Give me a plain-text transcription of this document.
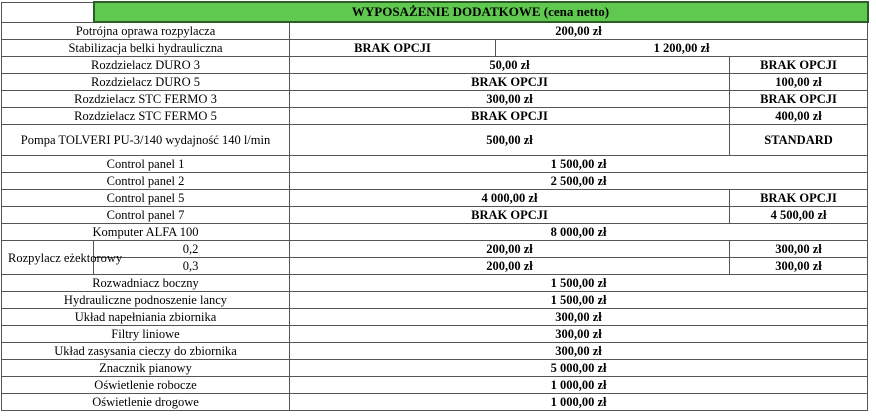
	WYPOSAŻENIE DODATKOWE (cena netto)			
Potrójna oprawa rozpylacza		200,00 zł		
Stabilizacja belki hydrauliczna		BRAK OPCJI	1 200,00 zł	
Rozdzielacz DURO 3		50,00 zł		BRAK OPCJI
Rozdzielacz DURO 5		BRAK OPCJI		100,00 zł
Rozdzielacz STC FERMO 3		300,00 zł		BRAK OPCJI
Rozdzielacz STC FERMO 5		BRAK OPCJI		400,00 zł
Pompa TOLVERI PU-3/140 wydajność 140 l/min		500,00 zł		STANDARD
Control panel 1		1 500,00 zł		
Control panel 2		2 500,00 zł		
Control panel 5		4 000,00 zł		BRAK OPCJI
Control panel 7		BRAK OPCJI		4 500,00 zł
Komputer ALFA 100		8 000,00 zł		
Rozpylacz eżektorowy	0,2	200,00 zł		300,00 zł
	0,3	200,00 zł		300,00 zł
Rozwadniacz boczny		1 500,00 zł		
Hydrauliczne podnoszenie lancy		1 500,00 zł		
Układ napełniania zbiornika		300,00 zł		
Filtry liniowe		300,00 zł		
Układ zasysania cieczy do zbiornika		300,00 zł		
Znacznik pianowy		5 000,00 zł		
Oświetlenie robocze		1 000,00 zł		
Oświetlenie drogowe		1 000,00 zł		
